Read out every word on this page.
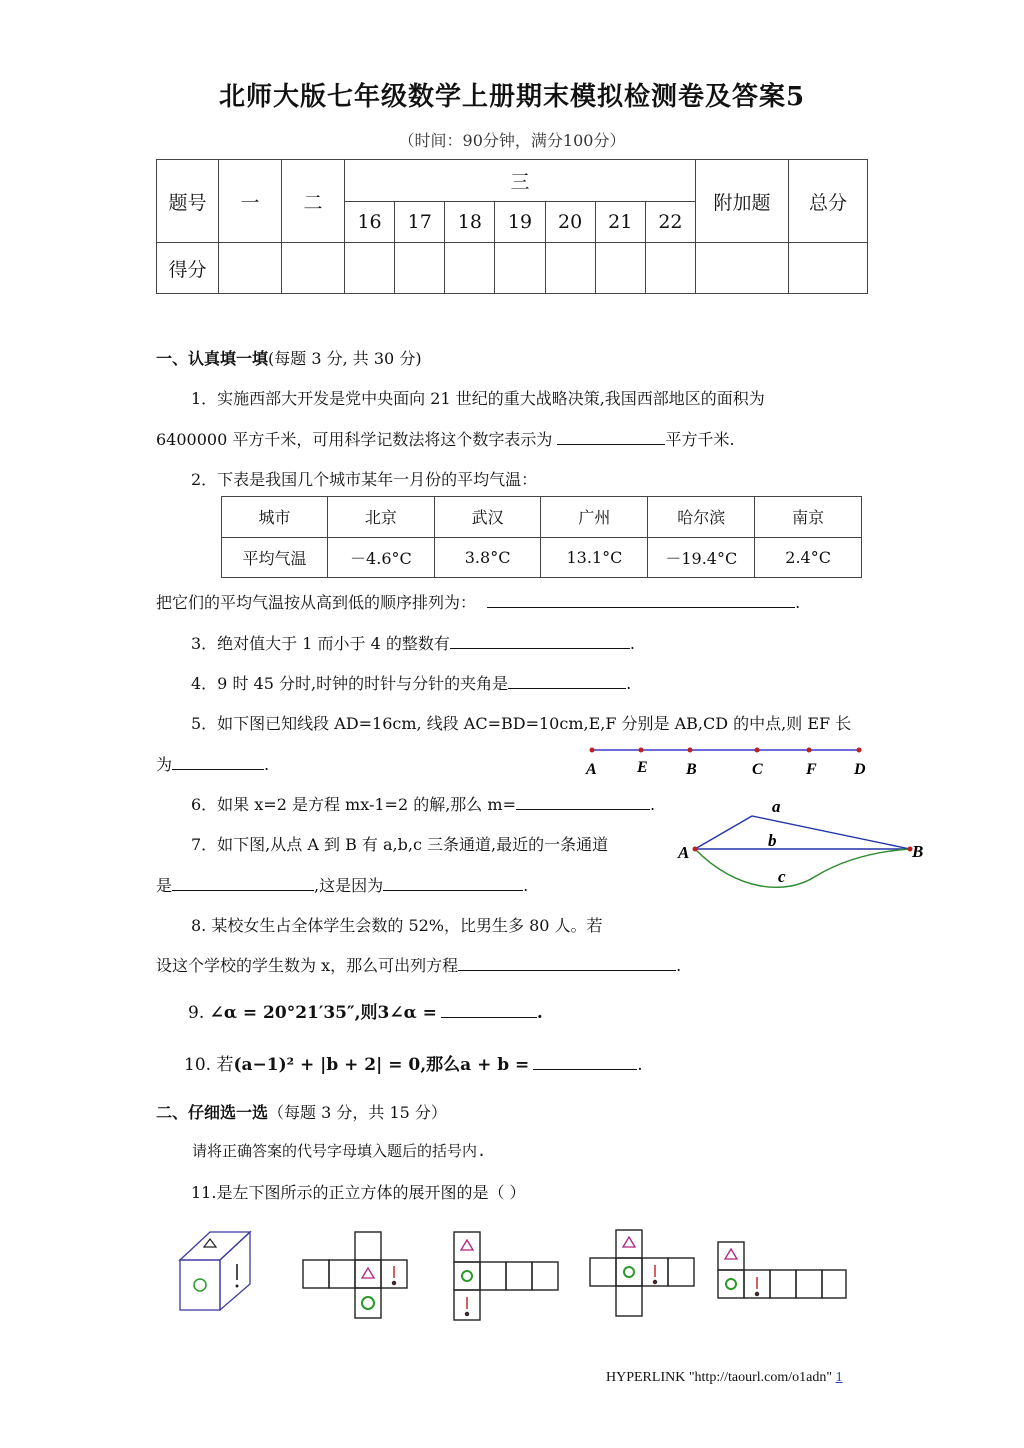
北师大版七年级数学上册期末模拟检测卷及答案5
（时间：90分钟，满分100分）
题号	一	二	三							附加题	总分
			16	17	18	19	20	21	22		
得分											
一、认真填一填(每题 3 分, 共 30 分)
1．实施西部大开发是党中央面向 21 世纪的重大战略决策,我国西部地区的面积为
6400000 平方千米，可用科学记数法将这个数字表示为	平方千米.
2．下表是我国几个城市某年一月份的平均气温：
城市	北京	武汉	广州	哈尔滨	南京
平均气温	－4.6°C	3.8°C	13.1°C	－19.4°C	2.4°C
把它们的平均气温按从高到低的顺序排列为：	.
3．绝对值大于 1 而小于 4 的整数有	.
4．9 时 45 分时,时钟的时针与分针的夹角是	.
5．如下图已知线段 AD=16cm, 线段 AC=BD=10cm,E,F 分别是 AB,CD 的中点,则 EF 长
为	.	A	E B	C	F D
6．如果 x=2 是方程 mx-1=2 的解,那么 m=	.
7．如下图,从点 A 到 B 有 a,b,c 三条通道,最近的一条通道
是	,这是因为	.
A	B
a
b
c
8. 某校女生占全体学生会数的 52%，比男生多 80 人。若
设这个学校的学生数为 x，那么可出列方程	.
9. ∠α = 20°21′35″,则3∠α =	.
10. 若(a−1)² + |b + 2| = 0,那么a + b =	.
二、仔细选一选（每题 3 分，共 15 分）
请将正确答案的代号字母填入题后的括号内.
11.是左下图所示的正立方体的展开图的是（ ）
HYPERLINK "http://taourl.com/o1adn" 1
